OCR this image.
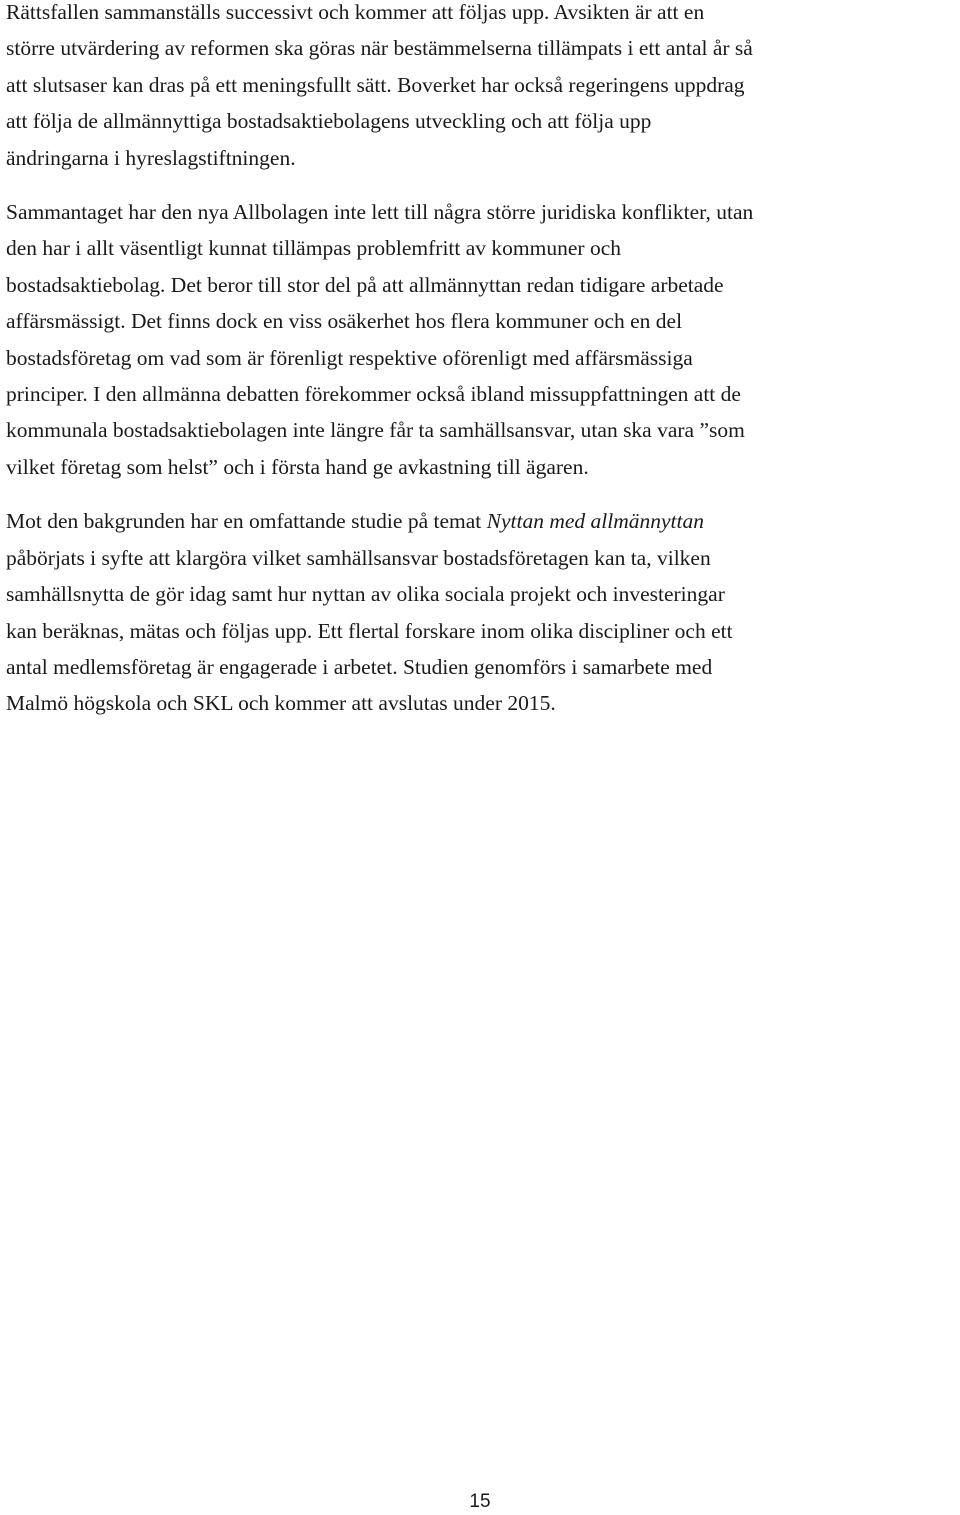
Rättsfallen sammanställs successivt och kommer att följas upp. Avsikten är att en
större utvärdering av reformen ska göras när bestämmelserna tillämpats i ett antal år så
att slutsaser kan dras på ett meningsfullt sätt. Boverket har också regeringens uppdrag
att följa de allmännyttiga bostadsaktiebolagens utveckling och att följa upp
ändringarna i hyreslagstiftningen.

Sammantaget har den nya Allbolagen inte lett till några större juridiska konflikter, utan
den har i allt väsentligt kunnat tillämpas problemfritt av kommuner och
bostadsaktiebolag. Det beror till stor del på att allmännyttan redan tidigare arbetade
affärsmässigt. Det finns dock en viss osäkerhet hos flera kommuner och en del
bostadsföretag om vad som är förenligt respektive oförenligt med affärsmässiga
principer. I den allmänna debatten förekommer också ibland missuppfattningen att de
kommunala bostadsaktiebolagen inte längre får ta samhällsansvar, utan ska vara ”som
vilket företag som helst” och i första hand ge avkastning till ägaren.

Mot den bakgrunden har en omfattande studie på temat Nyttan med allmännyttan
påbörjats i syfte att klargöra vilket samhällsansvar bostadsföretagen kan ta, vilken
samhällsnytta de gör idag samt hur nyttan av olika sociala projekt och investeringar
kan beräknas, mätas och följas upp. Ett flertal forskare inom olika discipliner och ett
antal medlemsföretag är engagerade i arbetet. Studien genomförs i samarbete med
Malmö högskola och SKL och kommer att avslutas under 2015.

15
